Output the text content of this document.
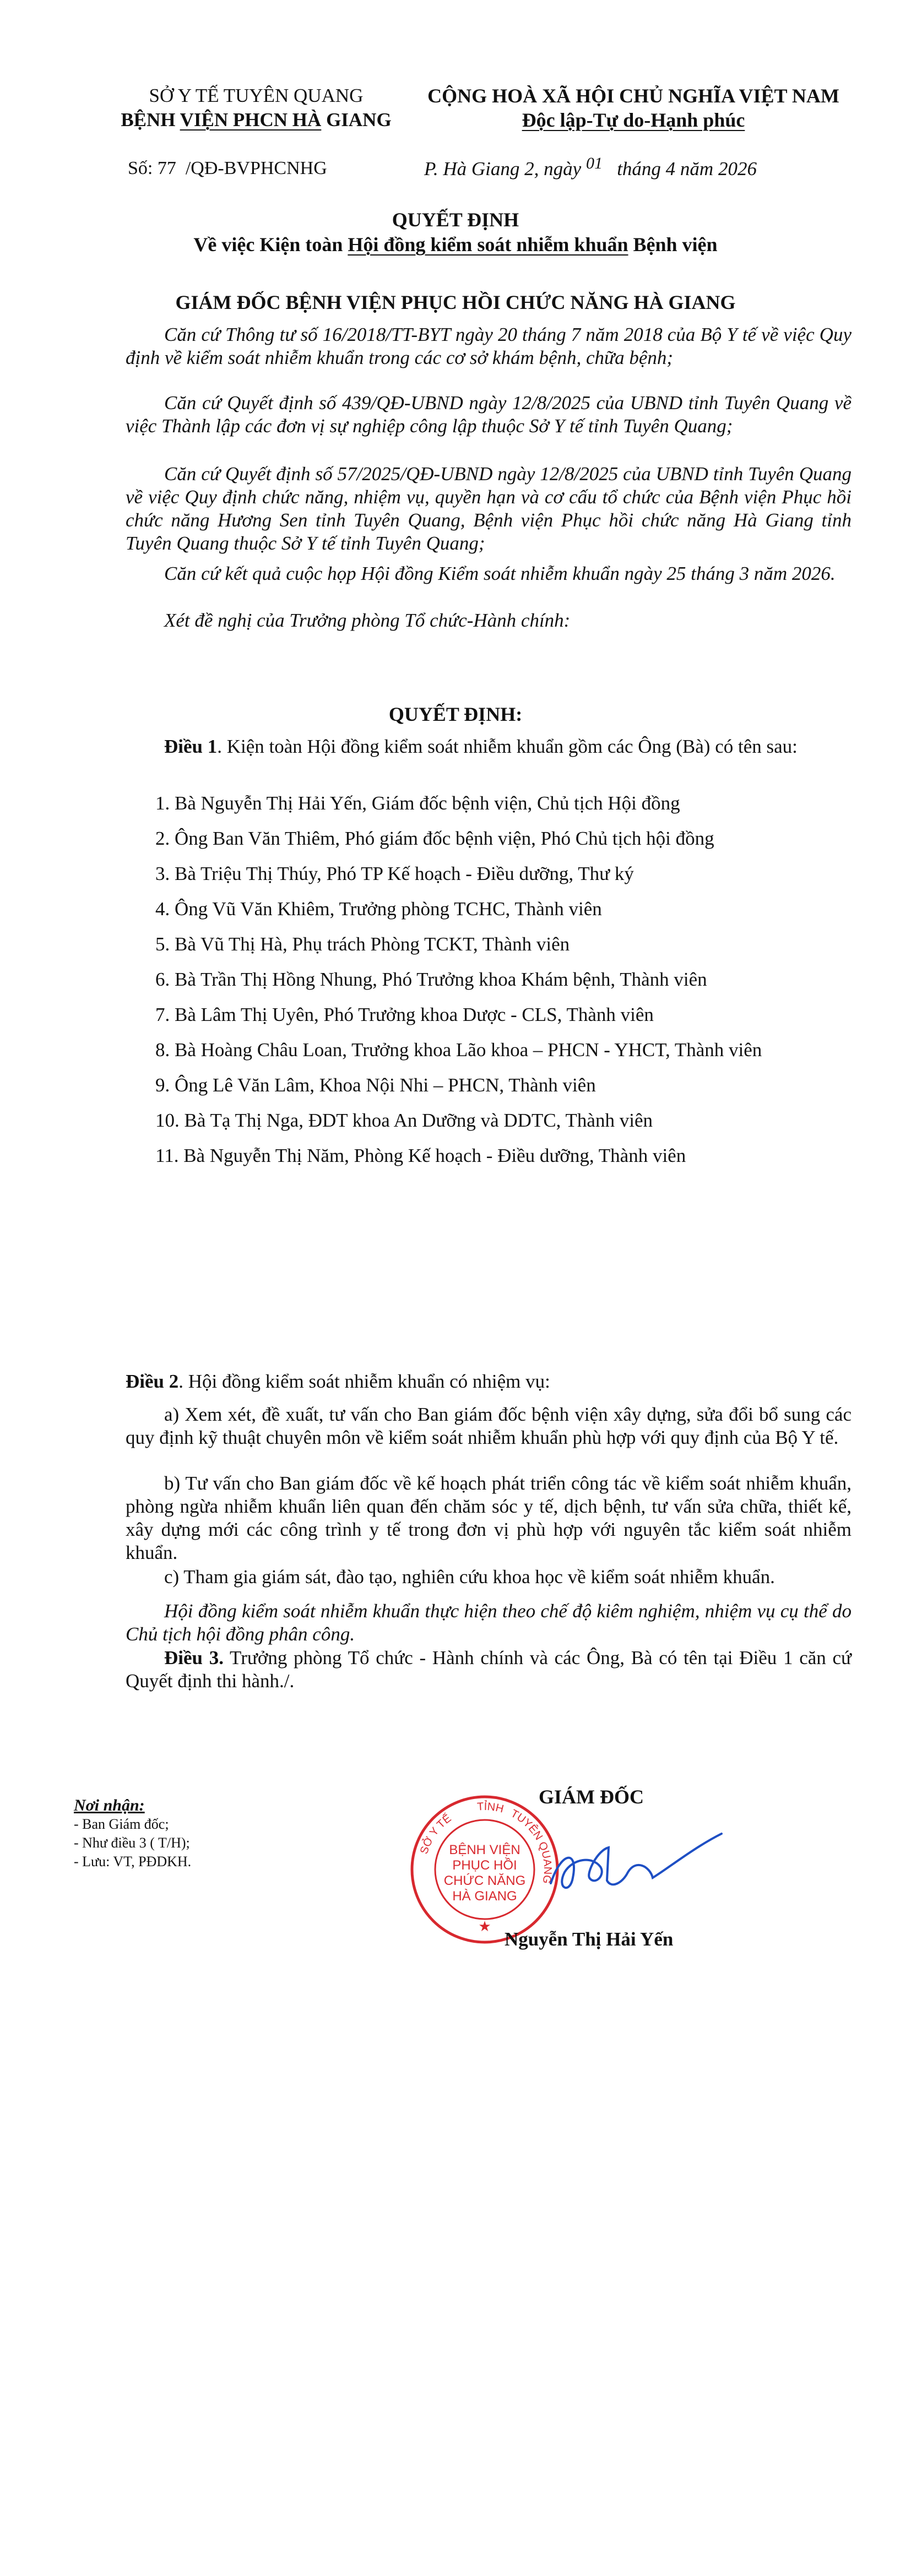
SỞ Y TẾ TUYÊN QUANG
BỆNH VIỆN PHCN HÀ GIANG
CỘNG HOÀ XÃ HỘI CHỦ NGHĨA VIỆT NAM
Độc lập-Tự do-Hạnh phúc
Số: 77 /QĐ-BVPHCNHG	P. Hà Giang 2, ngày 01 tháng 4 năm 2026
QUYẾT ĐỊNH
Về việc Kiện toàn Hội đồng kiểm soát nhiễm khuẩn Bệnh viện
GIÁM ĐỐC BỆNH VIỆN PHỤC HỒI CHỨC NĂNG HÀ GIANG

Căn cứ Thông tư số 16/2018/TT-BYT ngày 20 tháng 7 năm 2018 của Bộ Y tế về việc Quy định về kiểm soát nhiễm khuẩn trong các cơ sở khám bệnh, chữa bệnh;

Căn cứ Quyết định số 439/QĐ-UBND ngày 12/8/2025 của UBND tỉnh Tuyên Quang về việc Thành lập các đơn vị sự nghiệp công lập thuộc Sở Y tế tỉnh Tuyên Quang;

Căn cứ Quyết định số 57/2025/QĐ-UBND ngày 12/8/2025 của UBND tỉnh Tuyên Quang về việc Quy định chức năng, nhiệm vụ, quyền hạn và cơ cấu tổ chức của Bệnh viện Phục hồi chức năng Hương Sen tỉnh Tuyên Quang, Bệnh viện Phục hồi chức năng Hà Giang tỉnh Tuyên Quang thuộc Sở Y tế tỉnh Tuyên Quang;

Căn cứ kết quả cuộc họp Hội đồng Kiểm soát nhiễm khuẩn ngày 25 tháng 3 năm 2026.

Xét đề nghị của Trưởng phòng Tổ chức-Hành chính:

QUYẾT ĐỊNH:

Điều 1. Kiện toàn Hội đồng kiểm soát nhiễm khuẩn gồm các Ông (Bà) có tên sau:

1. Bà Nguyễn Thị Hải Yến, Giám đốc bệnh viện, Chủ tịch Hội đồng

2. Ông Ban Văn Thiêm, Phó giám đốc bệnh viện, Phó Chủ tịch hội đồng

3. Bà Triệu Thị Thúy, Phó TP Kế hoạch - Điều dưỡng, Thư ký

4. Ông Vũ Văn Khiêm, Trưởng phòng TCHC, Thành viên

5. Bà Vũ Thị Hà, Phụ trách Phòng TCKT, Thành viên

6. Bà Trần Thị Hồng Nhung, Phó Trưởng khoa Khám bệnh, Thành viên

7. Bà Lâm Thị Uyên, Phó Trưởng khoa Dược - CLS, Thành viên

8. Bà Hoàng Châu Loan, Trưởng khoa Lão khoa – PHCN - YHCT, Thành viên

9. Ông Lê Văn Lâm, Khoa Nội Nhi – PHCN, Thành viên

10. Bà Tạ Thị Nga, ĐDT khoa An Dưỡng và DDTC, Thành viên

11. Bà Nguyễn Thị Năm, Phòng Kế hoạch - Điều dưỡng, Thành viên

Điều 2. Hội đồng kiểm soát nhiễm khuẩn có nhiệm vụ:

a) Xem xét, đề xuất, tư vấn cho Ban giám đốc bệnh viện xây dựng, sửa đổi bổ sung các quy định kỹ thuật chuyên môn về kiểm soát nhiễm khuẩn phù hợp với quy định của Bộ Y tế.

b) Tư vấn cho Ban giám đốc về kế hoạch phát triển công tác về kiểm soát nhiễm khuẩn, phòng ngừa nhiễm khuẩn liên quan đến chăm sóc y tế, dịch bệnh, tư vấn sửa chữa, thiết kế, xây dựng mới các công trình y tế trong đơn vị phù hợp với nguyên tắc kiểm soát nhiễm khuẩn.

c) Tham gia giám sát, đào tạo, nghiên cứu khoa học về kiểm soát nhiễm khuẩn.

Hội đồng kiểm soát nhiễm khuẩn thực hiện theo chế độ kiêm nghiệm, nhiệm vụ cụ thể do Chủ tịch hội đồng phân công.

Điều 3. Trưởng phòng Tổ chức - Hành chính và các Ông, Bà có tên tại Điều 1 căn cứ Quyết định thi hành./.

Nơi nhận:
- Ban Giám đốc;
- Như điều 3 ( T/H);
- Lưu: VT, PĐDKH.
GIÁM ĐỐC
SỞ Y TẾ
TỈNH TUYÊN QUANG
BỆNH VIỆN
PHỤC HỒI
CHỨC NĂNG
HÀ GIANG
★
Nguyễn Thị Hải Yến
